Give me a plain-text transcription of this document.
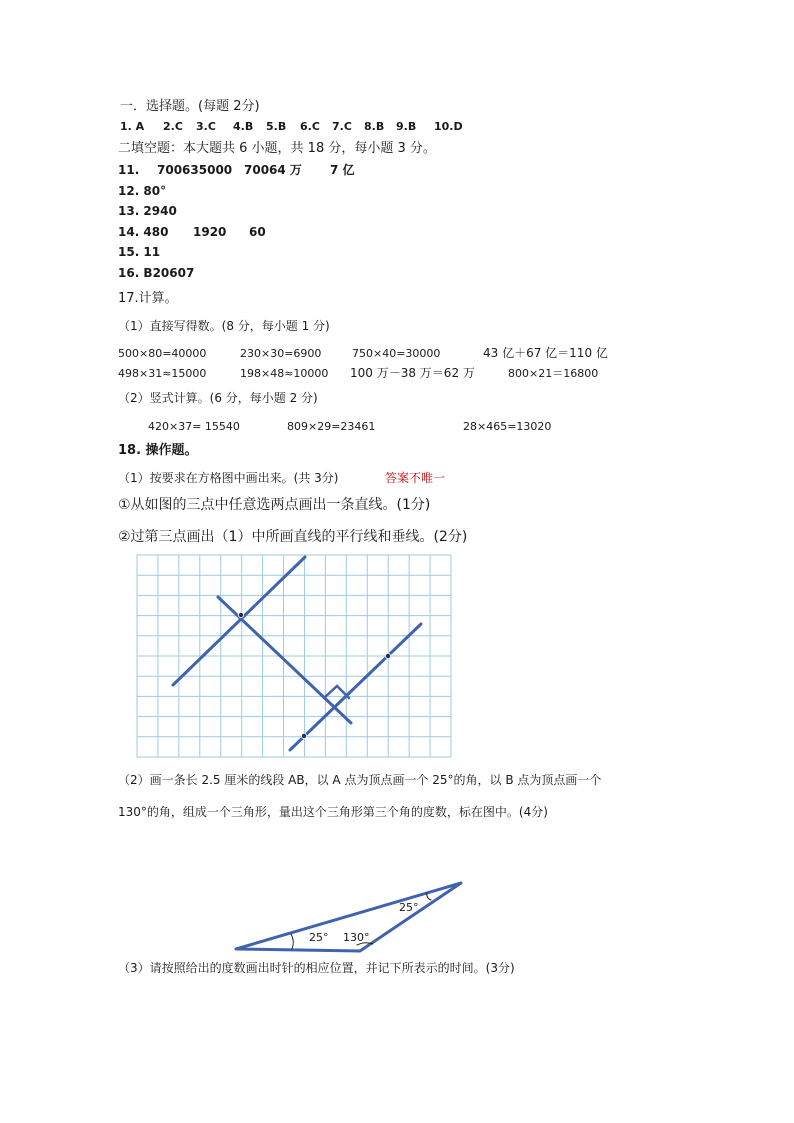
一．选择题。(每题 2分)
1. A 2.C 3.C 4.B 5.B 6.C 7.C 8.B 9.B 10.D
二填空题：本大题共 6 小题，共 18 分，每小题 3 分。
11. 700635000 70064 万 7 亿
12. 80°
13. 2940
14. 480 1920 60
15. 11
16. B20607
17.计算。
（1）直接写得数。(8 分，每小题 1 分)
500×80=40000	230×30=6900	750×40=30000	43 亿＋67 亿＝110 亿
498×31≈15000	198×48≈10000 100 万－38 万＝62 万	800×21＝16800
（2）竖式计算。(6 分，每小题 2 分)
420×37= 15540	809×29=23461	28×465=13020
18. 操作题。
（1）按要求在方格图中画出来。(共 3分)	答案不唯一
①从如图的三点中任意选两点画出一条直线。(1分)
②过第三点画出（1）中所画直线的平行线和垂线。(2分)
（2）画一条长 2.5 厘米的线段 AB，以 A 点为顶点画一个 25°的角，以 B 点为顶点画一个
130°的角，组成一个三角形，量出这个三角形第三个角的度数，标在图中。(4分)
25°
25° 130°
（3）请按照给出的度数画出时针的相应位置，并记下所表示的时间。(3分)
